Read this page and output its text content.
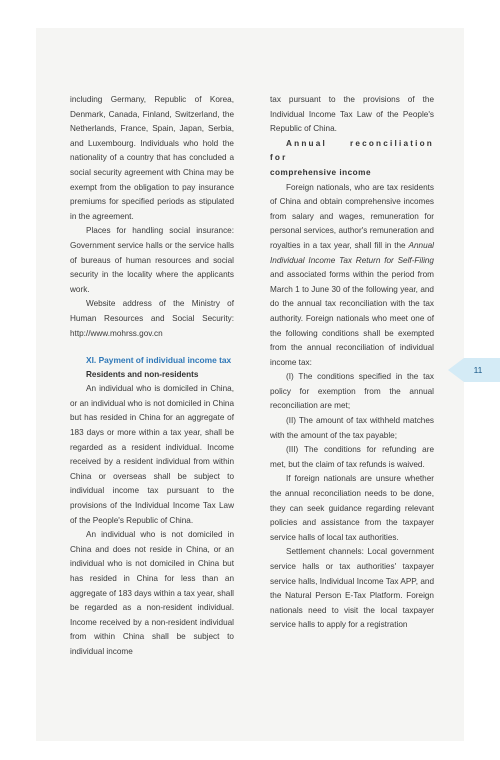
including Germany, Republic of Korea, Denmark, Canada, Finland, Switzerland, the Netherlands, France, Spain, Japan, Serbia, and Luxembourg. Individuals who hold the nationality of a country that has concluded a social security agreement with China may be exempt from the obligation to pay insurance premiums for specified periods as stipulated in the agreement.

Places for handling social insurance: Government service halls or the service halls of bureaus of human resources and social security in the locality where the applicants work.

Website address of the Ministry of Human Resources and Social Security: http://www.mohrss.gov.cn

XI. Payment of individual income tax

Residents and non-residents

An individual who is domiciled in China, or an individual who is not domiciled in China but has resided in China for an aggregate of 183 days or more within a tax year, shall be regarded as a resident individual. Income received by a resident individual from within China or overseas shall be subject to individual income tax pursuant to the provisions of the Individual Income Tax Law of the People's Republic of China.

An individual who is not domiciled in China and does not reside in China, or an individual who is not domiciled in China but has resided in China for less than an aggregate of 183 days within a tax year, shall be regarded as a non-resident individual. Income received by a non-resident individual from within China shall be subject to individual income

tax pursuant to the provisions of the Individual Income Tax Law of the People's Republic of China.

Annual reconciliation for

comprehensive income

Foreign nationals, who are tax residents of China and obtain comprehensive incomes from salary and wages, remuneration for personal services, author's remuneration and royalties in a tax year, shall fill in the Annual Individual Income Tax Return for Self-Filing and associated forms within the period from March 1 to June 30 of the following year, and do the annual tax reconciliation with the tax authority. Foreign nationals who meet one of the following conditions shall be exempted from the annual reconciliation of individual income tax:

(I) The conditions specified in the tax policy for exemption from the annual reconciliation are met;

(II) The amount of tax withheld matches with the amount of the tax payable;

(III) The conditions for refunding are met, but the claim of tax refunds is waived.

If foreign nationals are unsure whether the annual reconciliation needs to be done, they can seek guidance regarding relevant policies and assistance from the taxpayer service halls of local tax authorities.

Settlement channels: Local government service halls or tax authorities' taxpayer service halls, Individual Income Tax APP, and the Natural Person E-Tax Platform. Foreign nationals need to visit the local taxpayer service halls to apply for a registration

11
